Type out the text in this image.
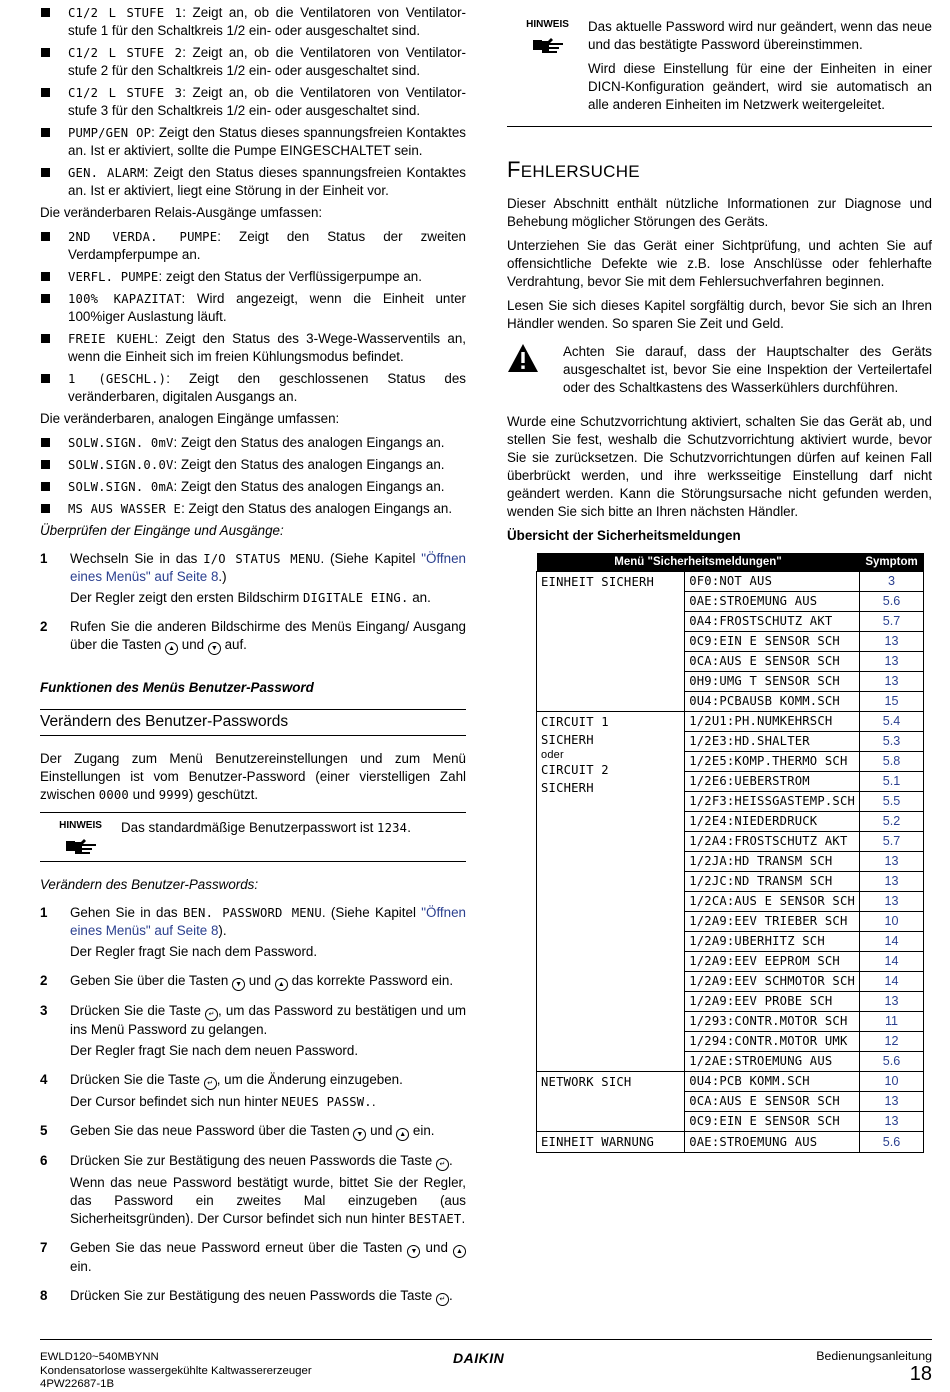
C1/2 L STUFE 1: Zeigt an, ob die Ventilatoren von Ventilator-stufe 1 für den Schaltkreis 1/2 ein- oder ausgeschaltet sind.

C1/2 L STUFE 2: Zeigt an, ob die Ventilatoren von Ventilator-stufe 2 für den Schaltkreis 1/2 ein- oder ausgeschaltet sind.

C1/2 L STUFE 3: Zeigt an, ob die Ventilatoren von Ventilator-stufe 3 für den Schaltkreis 1/2 ein- oder ausgeschaltet sind.

PUMP/GEN OP: Zeigt den Status dieses spannungsfreien Kontaktes an. Ist er aktiviert, sollte die Pumpe EINGESCHALTET sein.

GEN. ALARM: Zeigt den Status dieses spannungsfreien Kontaktes an. Ist er aktiviert, liegt eine Störung in der Einheit vor.

Die veränderbaren Relais-Ausgänge umfassen:

2ND VERDA. PUMPE: Zeigt den Status der zweiten Verdampferpumpe an.

VERFL. PUMPE: zeigt den Status der Verflüssigerpumpe an.

100% KAPAZITAT: Wird angezeigt, wenn die Einheit unter 100%iger Auslastung läuft.

FREIE KUEHL: Zeigt den Status des 3-Wege-Wasserventils an, wenn die Einheit sich im freien Kühlungsmodus befindet.

1 (GESCHL.): Zeigt den geschlossenen Status des veränderbaren, digitalen Ausgangs an.

Die veränderbaren, analogen Eingänge umfassen:

SOLW.SIGN. 0mV: Zeigt den Status des analogen Eingangs an.

SOLW.SIGN.0.0V: Zeigt den Status des analogen Eingangs an.

SOLW.SIGN. 0mA: Zeigt den Status des analogen Eingangs an.

MS AUS WASSER E: Zeigt den Status des analogen Eingangs an.

Überprüfen der Eingänge und Ausgänge:

1 Wechseln Sie in das I/O STATUS MENU. (Siehe Kapitel "Öffnen eines Menüs" auf Seite 8.)
Der Regler zeigt den ersten Bildschirm DIGITALE EING. an.
2 Rufen Sie die anderen Bildschirme des Menüs Eingang/ Ausgang über die Tasten ▲ und ▼ auf.

Funktionen des Menüs Benutzer-Password

Verändern des Benutzer-Passwords

Der Zugang zum Menü Benutzereinstellungen und zum Menü Einstellungen ist vom Benutzer-Password (einer vierstelligen Zahl zwischen 0000 und 9999) geschützt.

HINWEIS	Das standardmäßige Benutzerpasswort ist 1234.

Verändern des Benutzer-Passwords:

1 Gehen Sie in das BEN. PASSWORD MENU. (Siehe Kapitel "Öffnen eines Menüs" auf Seite 8).
Der Regler fragt Sie nach dem Password.
2 Geben Sie über die Tasten ▼ und ▲ das korrekte Password ein.
3 Drücken Sie die Taste ↵ , um das Password zu bestätigen und um ins Menü Password zu gelangen.
Der Regler fragt Sie nach dem neuen Password.
4 Drücken Sie die Taste ↵ , um die Änderung einzugeben.
Der Cursor befindet sich nun hinter NEUES PASSW..
5 Geben Sie das neue Password über die Tasten ▼ und ▲ ein.
6 Drücken Sie zur Bestätigung des neuen Passwords die Taste ↵ .
Wenn das neue Password bestätigt wurde, bittet Sie der Regler, das Password ein zweites Mal einzugeben (aus Sicherheitsgründen). Der Cursor befindet sich nun hinter BESTAET.
7 Geben Sie das neue Password erneut über die Tasten ▼ und ▲ ein.
8 Drücken Sie zur Bestätigung des neuen Passwords die Taste ↵ .
HINWEIS	Das aktuelle Password wird nur geändert, wenn das neue und das bestätigte Password übereinstimmen.

Wird diese Einstellung für eine der Einheiten in einer DICN-Konfiguration geändert, wird sie automatisch an alle anderen Einheiten im Netzwerk weitergeleitet.

FEHLERSUCHE

Dieser Abschnitt enthält nützliche Informationen zur Diagnose und Behebung möglicher Störungen des Geräts.

Unterziehen Sie das Gerät einer Sichtprüfung, und achten Sie auf offensichtliche Defekte wie z.B. lose Anschlüsse oder fehlerhafte Verdrahtung, bevor Sie mit dem Fehlersuchverfahren beginnen.

Lesen Sie sich dieses Kapitel sorgfältig durch, bevor Sie sich an Ihren Händler wenden. So sparen Sie Zeit und Geld.

Achten Sie darauf, dass der Hauptschalter des Geräts ausgeschaltet ist, bevor Sie eine Inspektion der Verteilertafel oder des Schaltkastens des Wasserkühlers durchführen.

Wurde eine Schutzvorrichtung aktiviert, schalten Sie das Gerät ab, und stellen Sie fest, weshalb die Schutzvorrichtung aktiviert wurde, bevor Sie sie zurücksetzen. Die Schutzvorrichtungen dürfen auf keinen Fall überbrückt werden, und ihre werksseitige Einstellung darf nicht geändert werden. Kann die Störungsursache nicht gefunden werden, wenden Sie sich bitte an Ihren nächsten Händler.

Übersicht der Sicherheitsmeldungen

Menü "Sicherheitsmeldungen"		Symptom

EINHEIT SICHERH	0F0:NOT AUS	3
	0AE:STROEMUNG AUS	5.6
	0A4:FROSTSCHUTZ AKT	5.7
	0C9:EIN E SENSOR SCH	13
	0CA:AUS E SENSOR SCH	13
	0H9:UMG T SENSOR SCH	13
	0U4:PCBAUSB KOMM.SCH	15

CIRCUIT 1
SICHERH
oder
CIRCUIT 2
SICHERH	1/2U1:PH.NUMKEHRSCH	5.4
	1/2E3:HD.SHALTER	5.3
	1/2E5:KOMP.THERMO SCH	5.8
	1/2E6:UEBERSTROM	5.1
	1/2F3:HEISSGASTEMP.SCH	5.5
	1/2E4:NIEDERDRUCK	5.2
	1/2A4:FROSTSCHUTZ AKT	5.7
	1/2JA:HD TRANSM SCH	13
	1/2JC:ND TRANSM SCH	13
	1/2CA:AUS E SENSOR SCH	13
	1/2A9:EEV TRIEBER SCH	10
	1/2A9:UBERHITZ SCH	14
	1/2A9:EEV EEPROM SCH	14
	1/2A9:EEV SCHMOTOR SCH	14
	1/2A9:EEV PROBE SCH	13
	1/293:CONTR.MOTOR SCH	11
	1/294:CONTR.MOTOR UMK	12
	1/2AE:STROEMUNG AUS	5.6

NETWORK SICH	0U4:PCB KOMM.SCH	10
	0CA:AUS E SENSOR SCH	13
	0C9:EIN E SENSOR SCH	13

EINHEIT WARNUNG	0AE:STROEMUNG AUS	5.6
EWLD120~540MBYNN
Kondensatorlose wassergekühlte Kaltwassererzeuger
4PW22687-1B
DAIKIN	Bedienungsanleitung
18
